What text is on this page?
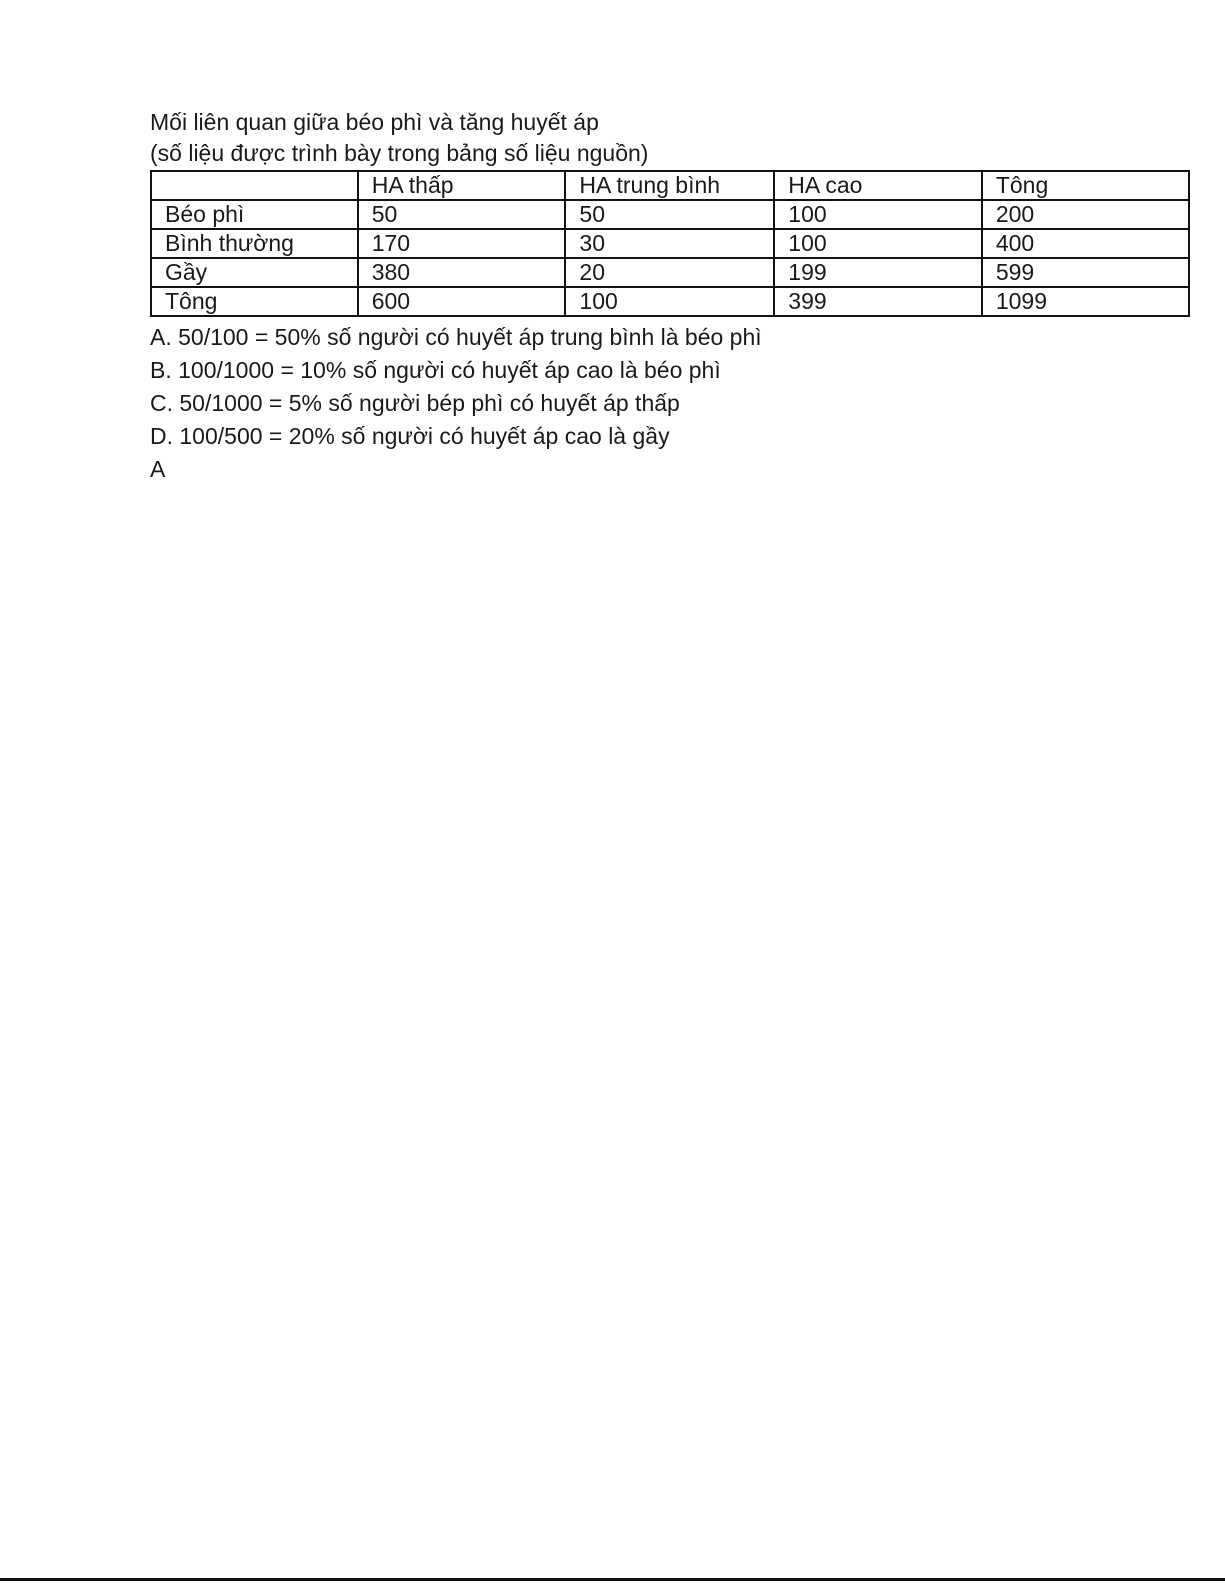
Mối liên quan giữa béo phì và tăng huyết áp

(số liệu được trình bày trong bảng số liệu nguồn)

	HA thấp	HA trung bình	HA cao	Tông
Béo phì	50	50	100	200
Bình thường	170	30	100	400
Gầy	380	20	199	599
Tông	600	100	399	1099

A. 50/100 = 50% số người có huyết áp trung bình là béo phì

B. 100/1000 = 10% số người có huyết áp cao là béo phì

C. 50/1000 = 5% số người bép phì có huyết áp thấp

D. 100/500 = 20% số người có huyết áp cao là gầy

A
